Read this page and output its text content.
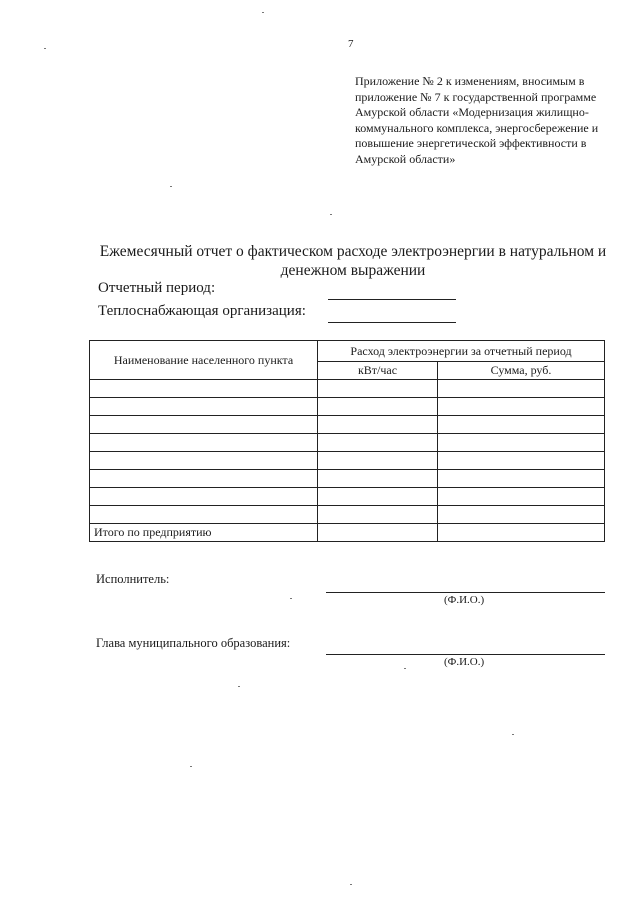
7
Приложение № 2 к изменениям, вносимым в приложение № 7 к государственной программе Амурской области «Модернизация жилищно-коммунального комплекса, энергосбережение и повышение энергетической эффективности в Амурской области»
Ежемесячный отчет о фактическом расходе электроэнергии в натуральном и денежном выражении
Отчетный период:
Теплоснабжающая организация:
Наименование населенного пункта	Расход электроэнергии за отчетный период	
	кВт/час	Сумма, руб.

Итого по предприятию		
Исполнитель:
(Ф.И.О.)
Глава муниципального образования:
(Ф.И.О.)
